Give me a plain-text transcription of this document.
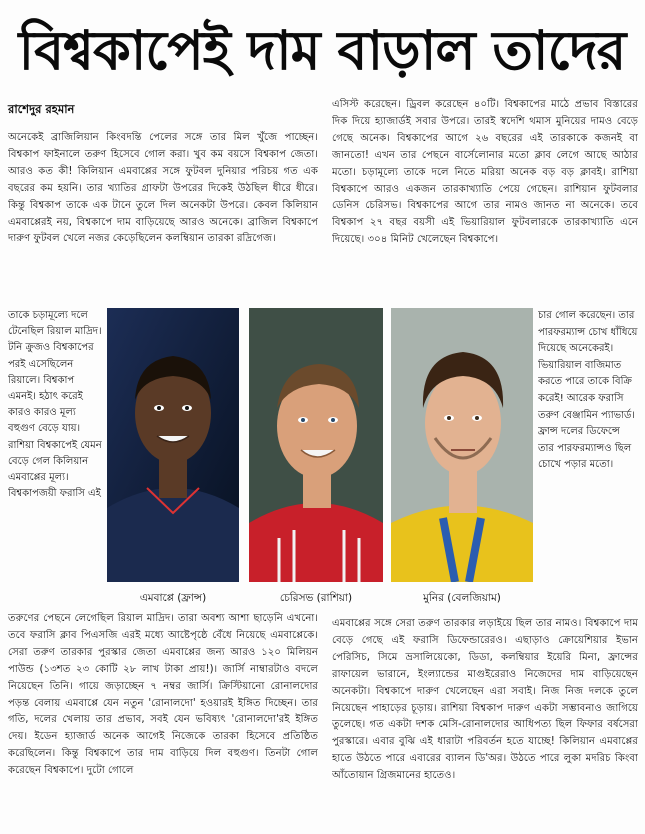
বিশ্বকাপেই দাম বাড়াল তাদের
রাশেদুর রহমান
অনেকেই ব্রাজিলিয়ান কিংবদন্তি পেলের সঙ্গে তার মিল খুঁজে পাচ্ছেন। বিশ্বকাপ ফাইনালে তরুণ হিসেবে গোল করা। খুব কম বয়সে বিশ্বকাপ জেতা। আরও কত কী! কিলিয়ান এমবাপ্পের সঙ্গে ফুটবল দুনিয়ার পরিচয় গত এক বছরের কম হয়নি। তার খ্যাতির গ্রাফটা উপরের দিকেই উঠছিল ধীরে ধীরে। কিন্তু বিশ্বকাপ তাকে এক টানে তুলে দিল অনেকটা উপরে। কেবল কিলিয়ান এমবাপ্পেরই নয়, বিশ্বকাপে দাম বাড়িয়েছে আরও অনেকে। ব্রাজিল বিশ্বকাপে দারুণ ফুটবল খেলে নজর কেড়েছিলেন কলম্বিয়ান তারকা রদ্রিগেজ।
এসিস্ট করেছেন। ড্রিবল করেছেন ৪০টি। বিশ্বকাপের মাঠে প্রভাব বিস্তারের দিক দিয়ে হ্যাজার্ডই সবার উপরে। তারই স্বদেশি থমাস মুনিয়ের দামও বেড়ে গেছে অনেক। বিশ্বকাপের আগে ২৬ বছরের এই তারকাকে কজনই বা জানতো! এখন তার পেছনে বার্সেলোনার মতো ক্লাব লেগে আছে আঠার মতো। চড়ামূল্যে তাকে দলে নিতে মরিয়া অনেক বড় বড় ক্লাবই। রাশিয়া বিশ্বকাপে আরও একজন তারকাখ্যাতি পেয়ে গেছেন। রাশিয়ান ফুটবলার ডেনিস চেরিসভ। বিশ্বকাপের আগে তার নামও জানত না অনেকে। তবে বিশ্বকাপ ২৭ বছর বয়সী এই ভিয়ারিয়াল ফুটবলারকে তারকাখ্যাতি এনে দিয়েছে। ৩০৪ মিনিট খেলেছেন বিশ্বকাপে।
তাকে চড়ামূল্যে দলে টেনেছিল রিয়াল মাদ্রিদ। টনি ক্রুজও বিশ্বকাপের পরই এসেছিলেন রিয়ালে। বিশ্বকাপ এমনই। হঠাৎ করেই কারও কারও মূল্য বহুগুণ বেড়ে যায়। রাশিয়া বিশ্বকাপেই যেমন বেড়ে গেল কিলিয়ান এমবাপ্পের মূল্য। বিশ্বকাপজয়ী ফরাসি এই
চার গোল করেছেন। তার পারফরম্যান্স চোখ ধাঁধিয়ে দিয়েছে অনেকেরই। ভিয়ারিয়াল বাজিমাত করতে পারে তাকে বিক্রি করেই! আরেক ফরাসি তরুণ বেঞ্জামিন প্যাভার্ড। ফ্রান্স দলের ডিফেন্সে তার পারফরম্যান্সও ছিল চোখে পড়ার মতো।
এমবাপ্পে (ফ্রান্স)	চেরিসভ (রাশিয়া)	মুনির (বেলজিয়াম)
তরুণের পেছনে লেগেছিল রিয়াল মাদ্রিদ। তারা অবশ্য আশা ছাড়েনি এখনো। তবে ফরাসি ক্লাব পিএসজি এরই মধ্যে আষ্টেপৃষ্ঠে বেঁধে নিয়েছে এমবাপ্পেকে। সেরা তরুণ তারকার পুরস্কার জেতা এমবাপ্পের জন্য আরও ১২০ মিলিয়ন পাউন্ড (১৩শত ২৩ কোটি ২৮ লাখ টাকা প্রায়!)। জার্সি নাম্বারটাও বদলে নিয়েছেন তিনি। গায়ে জড়াচ্ছেন ৭ নম্বর জার্সি। ক্রিস্টিয়ানো রোনালদোর পড়ন্ত বেলায় এমবাপ্পে যেন নতুন 'রোনালদো' হওয়ারই ইঙ্গিত দিচ্ছেন। তার গতি, দলের খেলায় তার প্রভাব, সবই যেন ভবিষ্যৎ 'রোনালদো'রই ইঙ্গিত দেয়। ইডেন হ্যাজার্ড অনেক আগেই নিজেকে তারকা হিসেবে প্রতিষ্ঠিত করেছিলেন। কিন্তু বিশ্বকাপে তার দাম বাড়িয়ে দিল বহুগুণ। তিনটা গোল করেছেন বিশ্বকাপে। দুটো গোলে
এমবাপ্পের সঙ্গে সেরা তরুণ তারকার লড়াইয়ে ছিল তার নামও। বিশ্বকাপে দাম বেড়ে গেছে এই ফরাসি ডিফেন্ডারেরও। এছাড়াও ক্রোয়েশিয়ার ইভান পেরিসিচ, সিমে ভ্রসালিয়েকো, ডিডা, কলম্বিয়ার ইয়েরি মিনা, ফ্রান্সের রাফায়েল ভারানে, ইংল্যান্ডের মাগুইরেরাও নিজেদের দাম বাড়িয়েছেন অনেকটা। বিশ্বকাপে দারুণ খেলেছেন এরা সবাই। নিজ নিজ দলকে তুলে নিয়েছেন পাহাড়ের চূড়ায়। রাশিয়া বিশ্বকাপ দারুণ একটা সম্ভাবনাও জাগিয়ে তুলেছে। গত একটা দশক মেসি-রোনালদোর আধিপত্য ছিল ফিফার বর্ষসেরা পুরস্কারে। এবার বুঝি এই ধারাটা পরিবর্তন হতে যাচ্ছে! কিলিয়ান এমবাপ্পের হাতে উঠতে পারে এবারের ব্যালন ডি'অর। উঠতে পারে লুকা মদরিচ কিংবা আঁতোয়ান গ্রিজমানের হাতেও।
